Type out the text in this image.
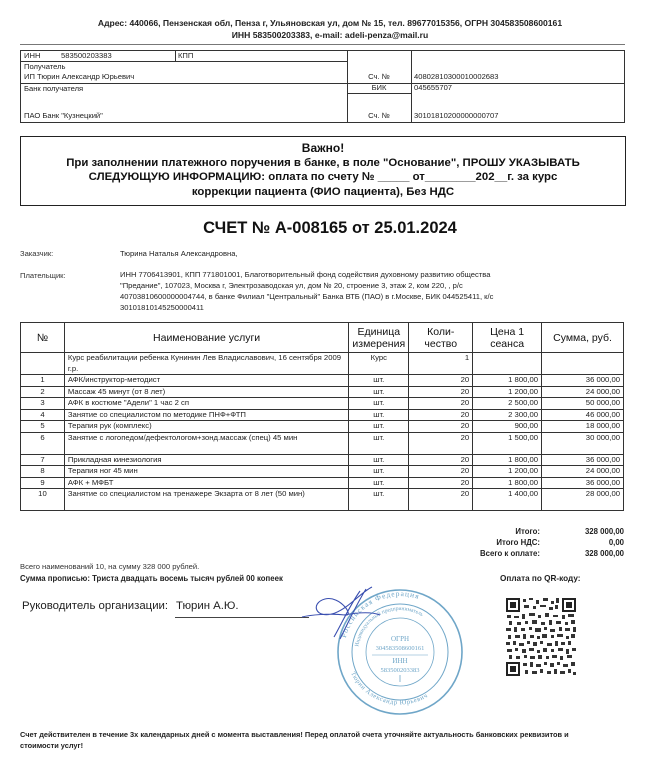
Адрес: 440066, Пензенская обл, Пенза г, Ульяновская ул, дом № 15, тел. 89677015356, ОГРН 304583508600161
ИНН 583500203383, e-mail: adeli-penza@mail.ru
ИНН	583500203383	КПП
Получатель
ИП Тюрин Александр Юрьевич	Сч. №	40802810300010002683
Банк получателя	БИК	045655707
ПАО Банк "Кузнецкий"	Сч. №	30101810200000000707
Важно!
При заполнении платежного поручения в банке, в поле "Основание", ПРОШУ УКАЗЫВАТЬ
СЛЕДУЮЩУЮ ИНФОРМАЦИЮ: оплата по счету № _____ от________202__г. за курс
коррекции пациента (ФИО пациента), Без НДС
СЧЕТ № А-008165 от 25.01.2024
Заказчик:	Тюрина Наталья Александровна,
Плательщик:	ИНН 7706413901, КПП 771801001, Благотворительный фонд содействия духовному развитию общества
"Предание", 107023, Москва г, Электрозаводская ул, дом № 20, строение 3, этаж 2, ком 220, , р/с
40703810600000004744, в банке Филиал "Центральный" Банка ВТБ (ПАО) в г.Москве, БИК 044525411, к/с
30101810145250000411
№	Наименование услуги	Единица измерения	Коли- чество	Цена 1 сеанса	Сумма, руб.
	Курс реабилитации ребенка Кунинин Лев Владиславович, 16 сентября 2009 г.р.	Курс	1		
1	АФК/инструктор-методист	шт.	20	1 800,00	36 000,00
2	Массаж 45 минут (от 8 лет)	шт.	20	1 200,00	24 000,00
3	АФК в костюме "Адели" 1 час 2 сп	шт.	20	2 500,00	50 000,00
4	Занятие со специалистом по методике ПНФ+ФТП	шт.	20	2 300,00	46 000,00
5	Терапия рук (комплекс)	шт.	20	900,00	18 000,00
6	Занятие с логопедом/дефектологом+зонд.массаж (спец) 45 мин	шт.	20	1 500,00	30 000,00
7	Прикладная кинезиология	шт.	20	1 800,00	36 000,00
8	Терапия ног 45 мин	шт.	20	1 200,00	24 000,00
9	АФК + МФБТ	шт.	20	1 800,00	36 000,00
10	Занятие со специалистом на тренажере Экзарта от 8 лет (50 мин)	шт.	20	1 400,00	28 000,00
Итого:	328 000,00
Итого НДС:	0,00
Всего к оплате:	328 000,00
Всего наименований 10, на сумму 328 000 рублей.
Сумма прописью: Триста двадцать восемь тысяч рублей 00 копеек	Оплата по QR-коду:
Руководитель организации: Тюрин А.Ю.
ОГРН
304583508600161
ИНН
583500203383
Российская Федерация
Индивидуальный предприниматель
Тюрин Александр Юрьевич
Счет действителен в течение 3х календарных дней с момента выставления! Перед оплатой счета уточняйте актуальность банковских реквизитов и
стоимости услуг!
